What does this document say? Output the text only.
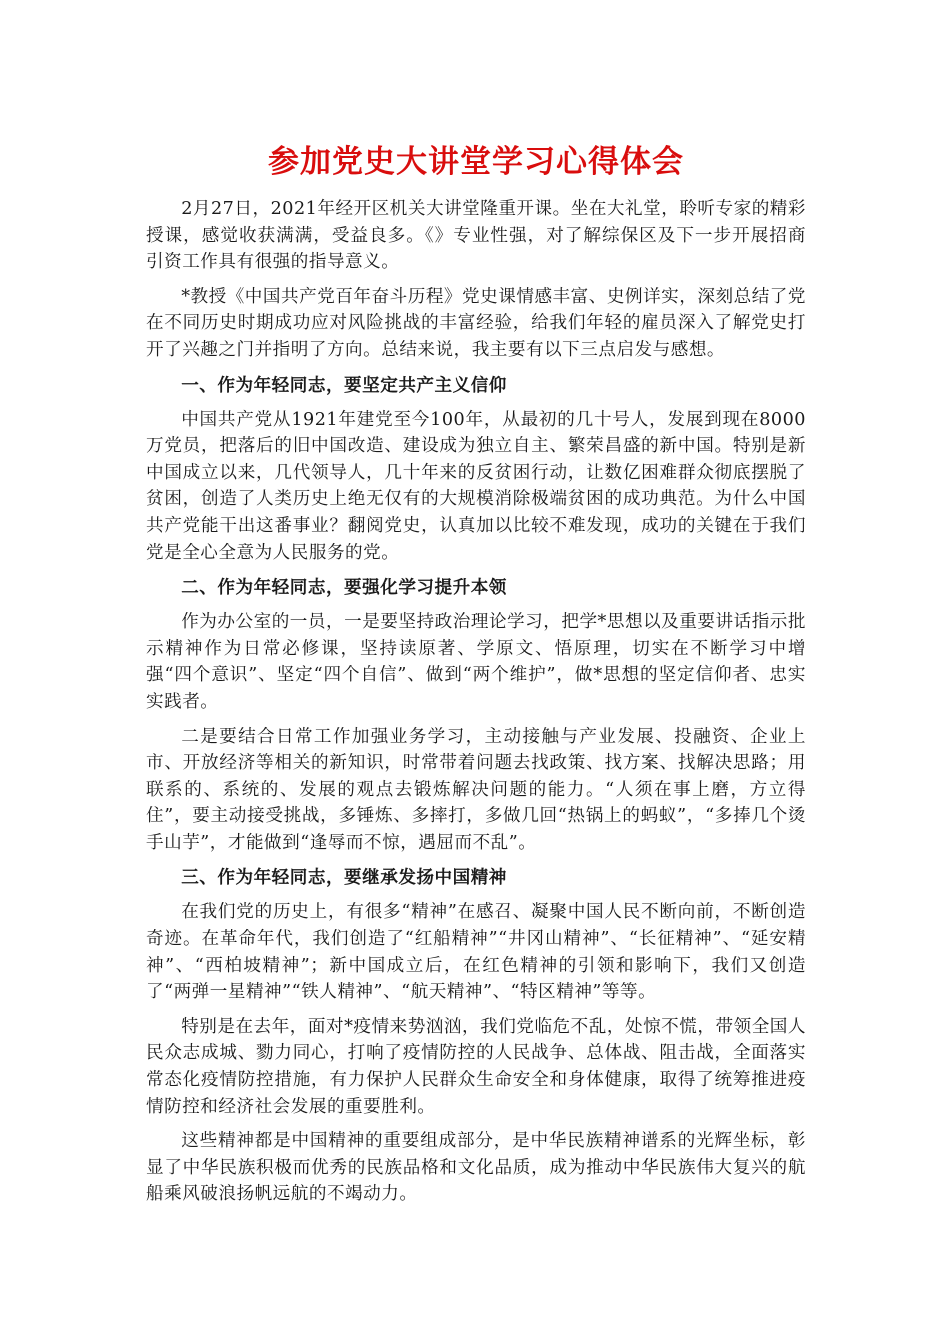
参加党史大讲堂学习心得体会

2月27日，2021年经开区机关大讲堂隆重开课。坐在大礼堂，聆听专家的精彩授课，感觉收获满满，受益良多。《》专业性强，对了解综保区及下一步开展招商引资工作具有很强的指导意义。

*教授《中国共产党百年奋斗历程》党史课情感丰富、史例详实，深刻总结了党在不同历史时期成功应对风险挑战的丰富经验，给我们年轻的雇员深入了解党史打开了兴趣之门并指明了方向。总结来说，我主要有以下三点启发与感想。

一、作为年轻同志，要坚定共产主义信仰

中国共产党从1921年建党至今100年，从最初的几十号人，发展到现在8000万党员，把落后的旧中国改造、建设成为独立自主、繁荣昌盛的新中国。特别是新中国成立以来，几代领导人，几十年来的反贫困行动，让数亿困难群众彻底摆脱了贫困，创造了人类历史上绝无仅有的大规模消除极端贫困的成功典范。为什么中国共产党能干出这番事业？翻阅党史，认真加以比较不难发现，成功的关键在于我们党是全心全意为人民服务的党。

二、作为年轻同志，要强化学习提升本领

作为办公室的一员，一是要坚持政治理论学习，把学*思想以及重要讲话指示批示精神作为日常必修课，坚持读原著、学原文、悟原理，切实在不断学习中增强“四个意识”、坚定“四个自信”、做到“两个维护”，做*思想的坚定信仰者、忠实实践者。

二是要结合日常工作加强业务学习，主动接触与产业发展、投融资、企业上市、开放经济等相关的新知识，时常带着问题去找政策、找方案、找解决思路；用联系的、系统的、发展的观点去锻炼解决问题的能力。“人须在事上磨，方立得住”，要主动接受挑战，多锤炼、多摔打，多做几回“热锅上的蚂蚁”，“多捧几个烫手山芋”，才能做到“逢辱而不惊，遇屈而不乱”。

三、作为年轻同志，要继承发扬中国精神

在我们党的历史上，有很多“精神”在感召、凝聚中国人民不断向前，不断创造奇迹。在革命年代，我们创造了“红船精神”“井冈山精神”、“长征精神”、“延安精神”、“西柏坡精神”；新中国成立后，在红色精神的引领和影响下，我们又创造了“两弹一星精神”“铁人精神”、“航天精神”、“特区精神”等等。

特别是在去年，面对*疫情来势汹汹，我们党临危不乱，处惊不慌，带领全国人民众志成城、勠力同心，打响了疫情防控的人民战争、总体战、阻击战，全面落实常态化疫情防控措施，有力保护人民群众生命安全和身体健康，取得了统筹推进疫情防控和经济社会发展的重要胜利。

这些精神都是中国精神的重要组成部分，是中华民族精神谱系的光辉坐标，彰显了中华民族积极而优秀的民族品格和文化品质，成为推动中华民族伟大复兴的航船乘风破浪扬帆远航的不竭动力。
